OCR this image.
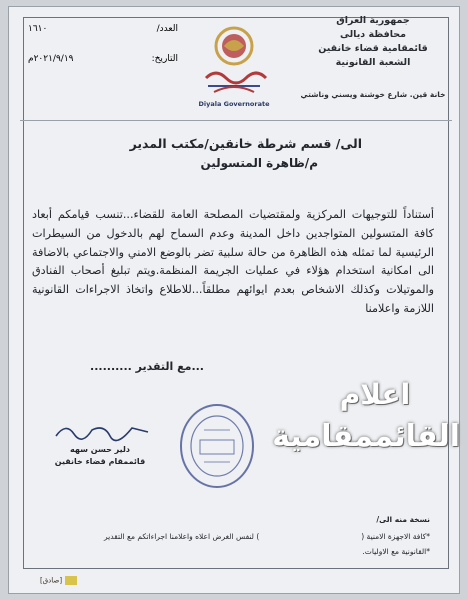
جمهورية العراق
محافظة ديالى
قائمقامية قضاء خانقين
الشعبة القانونية
خانة قين. شارع خوشنة ويسني وناشتي
العدد/
١٦١٠
التاريخ:
٢٠٢١/٩/١٩م
Diyala Governorate
الى/ قسم شرطة خانقين/مكتب المدير
م/ظاهرة المتسولين
أستناداً للتوجيهات المركزية ولمقتضيات المصلحة العامة للقضاء...تنسب قيامكم أبعاد كافة المتسولين المتواجدين داخل المدينة وعدم السماح لهم بالدخول من السيطرات الرئيسية لما تمثله هذه الظاهرة من حالة سلبية تضر بالوضع الامني والاجتماعي بالاضافة الى امكانية استخدام هؤلاء في عمليات الجريمة المنظمة.ويتم تبليغ أصحاب الفنادق والموتيلات وكذلك الاشخاص بعدم ايوائهم مطلقاً...للاطلاع واتخاذ الاجراءات القانونية اللازمة واعلامنا
...مع التقدير ..........
اعلام
القائممقامية
دلير حسن سهه
قائممقام قضاء خانقين
نسخة منه الى/
*كافة الاجهزة الامنية (
) لنفس الغرض اعلاه واعلامنا اجراءاتكم مع التقدير
*القانونية مع الاوليات.
[صادق]
